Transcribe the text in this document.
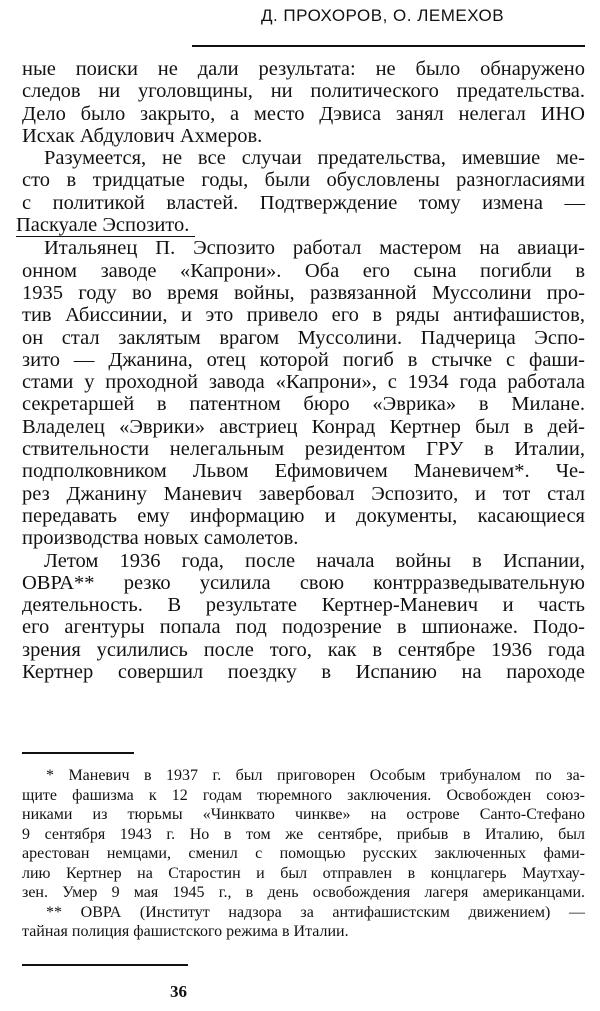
Д. ПРОХОРОВ, О. ЛЕМЕХОВ
ные поиски не дали результата: не было обнаружено
следов ни уголовщины, ни политического предательства.
Дело было закрыто, а место Дэвиса занял нелегал ИНО
Исхак Абдулович Ахмеров.
Разумеется, не все случаи предательства, имевшие ме-
сто в тридцатые годы, были обусловлены разногласиями
с политикой властей. Подтверждение тому измена —
Паскуале Эспозито.
Итальянец П. Эспозито работал мастером на авиаци-
онном заводе «Капрони». Оба его сына погибли в
1935 году во время войны, развязанной Муссолини про-
тив Абиссинии, и это привело его в ряды антифашистов,
он стал заклятым врагом Муссолини. Падчерица Эспо-
зито — Джанина, отец которой погиб в стычке с фаши-
стами у проходной завода «Капрони», с 1934 года работала
секретаршей в патентном бюро «Эврика» в Милане.
Владелец «Эврики» австриец Конрад Кертнер был в дей-
ствительности нелегальным резидентом ГРУ в Италии,
подполковником Львом Ефимовичем Маневичем*. Че-
рез Джанину Маневич завербовал Эспозито, и тот стал
передавать ему информацию и документы, касающиеся
производства новых самолетов.
Летом 1936 года, после начала войны в Испании,
ОВРА** резко усилила свою контрразведывательную
деятельность. В результате Кертнер-Маневич и часть
его агентуры попала под подозрение в шпионаже. Подо-
зрения усилились после того, как в сентябре 1936 года
Кертнер совершил поездку в Испанию на пароходе
* Маневич в 1937 г. был приговорен Особым трибуналом по за-
щите фашизма к 12 годам тюремного заключения. Освобожден союз-
никами из тюрьмы «Чинквато чинкве» на острове Санто-Стефано
9 сентября 1943 г. Но в том же сентябре, прибыв в Италию, был
арестован немцами, сменил с помощью русских заключенных фами-
лию Кертнер на Старостин и был отправлен в концлагерь Маутхау-
зен. Умер 9 мая 1945 г., в день освобождения лагеря американцами.
** ОВРА (Институт надзора за антифашистским движением) —
тайная полиция фашистского режима в Италии.
36
